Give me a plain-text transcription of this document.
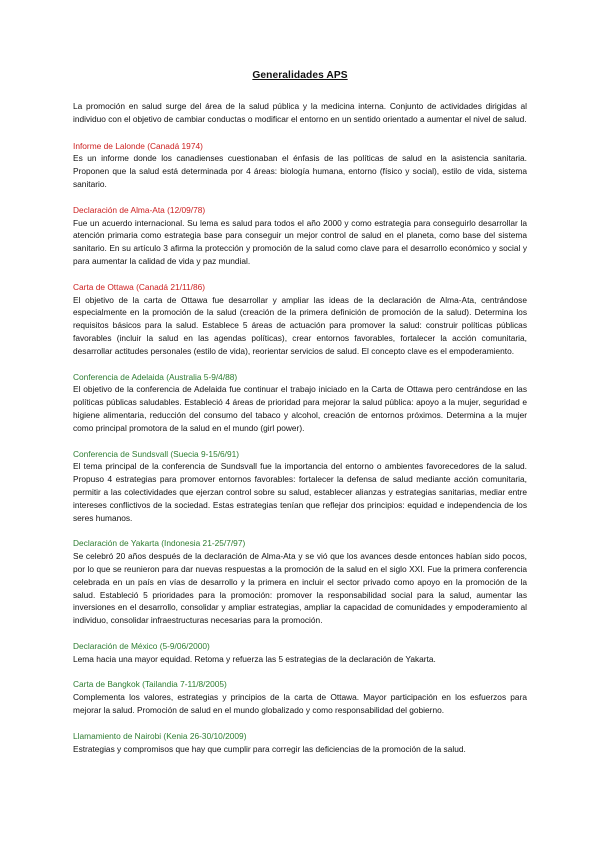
Generalidades APS

La promoción en salud surge del área de la salud pública y la medicina interna. Conjunto de actividades dirigidas al individuo con el objetivo de cambiar conductas o modificar el entorno en un sentido orientado a aumentar el nivel de salud.

Informe de Lalonde (Canadá 1974)

Es un informe donde los canadienses cuestionaban el énfasis de las políticas de salud en la asistencia sanitaria. Proponen que la salud está determinada por 4 áreas: biología humana, entorno (físico y social), estilo de vida, sistema sanitario.

Declaración de Alma-Ata (12/09/78)

Fue un acuerdo internacional. Su lema es salud para todos el año 2000 y como estrategia para conseguirlo desarrollar la atención primaria como estrategia base para conseguir un mejor control de salud en el planeta, como base del sistema sanitario. En su artículo 3 afirma la protección y promoción de la salud como clave para el desarrollo económico y social y para aumentar la calidad de vida y paz mundial.

Carta de Ottawa (Canadá 21/11/86)

El objetivo de la carta de Ottawa fue desarrollar y ampliar las ideas de la declaración de Alma-Ata, centrándose especialmente en la promoción de la salud (creación de la primera definición de promoción de la salud). Determina los requisitos básicos para la salud. Establece 5 áreas de actuación para promover la salud: construir políticas públicas favorables (incluir la salud en las agendas políticas), crear entornos favorables, fortalecer la acción comunitaria, desarrollar actitudes personales (estilo de vida), reorientar servicios de salud. El concepto clave es el empoderamiento.

Conferencia de Adelaida (Australia 5-9/4/88)

El objetivo de la conferencia de Adelaida fue continuar el trabajo iniciado en la Carta de Ottawa pero centrándose en las políticas públicas saludables. Estableció 4 áreas de prioridad para mejorar la salud pública: apoyo a la mujer, seguridad e higiene alimentaria, reducción del consumo del tabaco y alcohol, creación de entornos próximos. Determina a la mujer como principal promotora de la salud en el mundo (girl power).

Conferencia de Sundsvall (Suecia 9-15/6/91)

El tema principal de la conferencia de Sundsvall fue la importancia del entorno o ambientes favorecedores de la salud. Propuso 4 estrategias para promover entornos favorables: fortalecer la defensa de salud mediante acción comunitaria, permitir a las colectividades que ejerzan control sobre su salud, establecer alianzas y estrategias sanitarias, mediar entre intereses conflictivos de la sociedad. Estas estrategias tenían que reflejar dos principios: equidad e independencia de los seres humanos.

Declaración de Yakarta (Indonesia 21-25/7/97)

Se celebró 20 años después de la declaración de Alma-Ata y se vió que los avances desde entonces habían sido pocos, por lo que se reunieron para dar nuevas respuestas a la promoción de la salud en el siglo XXI. Fue la primera conferencia celebrada en un país en vías de desarrollo y la primera en incluir el sector privado como apoyo en la promoción de la salud. Estableció 5 prioridades para la promoción: promover la responsabilidad social para la salud, aumentar las inversiones en el desarrollo, consolidar y ampliar estrategias, ampliar la capacidad de comunidades y empoderamiento al individuo, consolidar infraestructuras necesarias para la promoción.

Declaración de México (5-9/06/2000)

Lema hacia una mayor equidad. Retoma y refuerza las 5 estrategias de la declaración de Yakarta.

Carta de Bangkok (Tailandia 7-11/8/2005)

Complementa los valores, estrategias y principios de la carta de Ottawa. Mayor participación en los esfuerzos para mejorar la salud. Promoción de salud en el mundo globalizado y como responsabilidad del gobierno.

Llamamiento de Nairobi (Kenia 26-30/10/2009)

Estrategias y compromisos que hay que cumplir para corregir las deficiencias de la promoción de la salud.
